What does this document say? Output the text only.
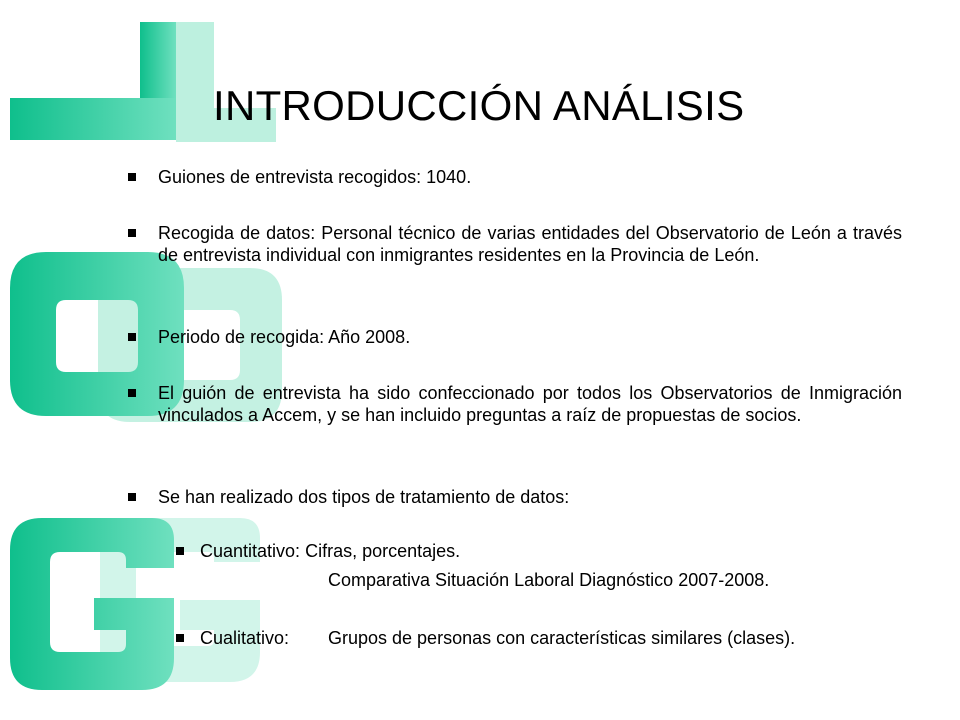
INTRODUCCIÓN ANÁLISIS
Guiones de entrevista recogidos: 1040.
Recogida de datos: Personal técnico de varias entidades del Observatorio de León a través de entrevista individual con inmigrantes residentes en la Provincia de León.
Periodo de recogida: Año 2008.
El guión de entrevista ha sido confeccionado por todos los Observatorios de Inmigración vinculados a Accem, y se han incluido preguntas a raíz de propuestas de socios.
Se han realizado dos tipos de tratamiento de datos:
Cuantitativo: Cifras, porcentajes.
Comparativa Situación Laboral Diagnóstico 2007-2008.
Cualitativo: Grupos de personas con características similares (clases).
